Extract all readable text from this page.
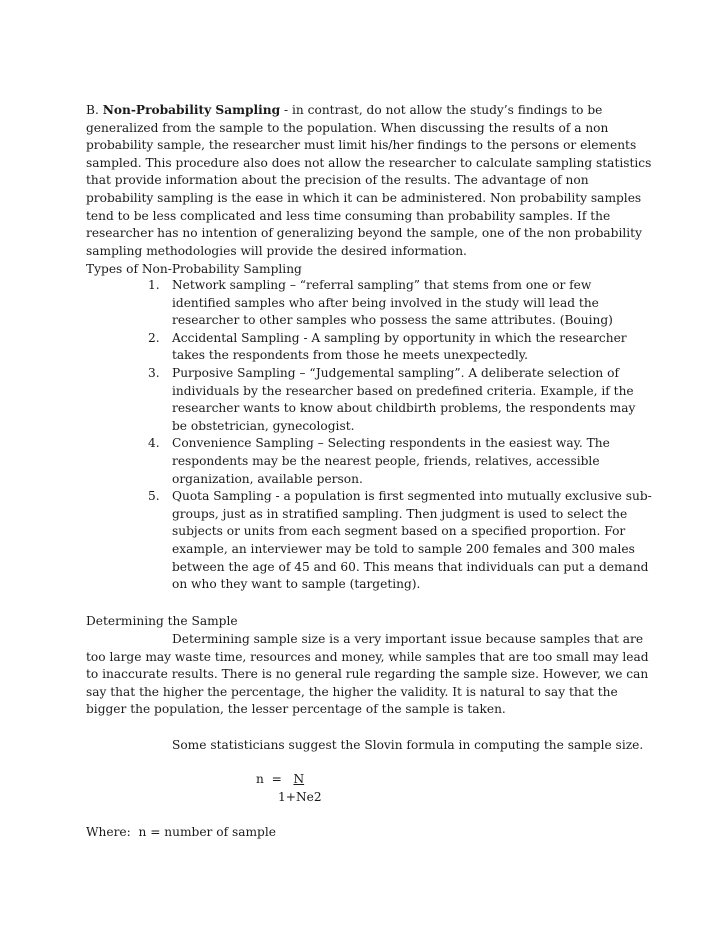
B. Non-Probability Sampling - in contrast, do not allow the study’s findings to be generalized from the sample to the population. When discussing the results of a non probability sample, the researcher must limit his/her findings to the persons or elements sampled. This procedure also does not allow the researcher to calculate sampling statistics that provide information about the precision of the results. The advantage of non probability sampling is the ease in which it can be administered. Non probability samples tend to be less complicated and less time consuming than probability samples. If the researcher has no intention of generalizing beyond the sample, one of the non probability sampling methodologies will provide the desired information.

Types of Non-Probability Sampling

1. Network sampling – “referral sampling” that stems from one or few identified samples who after being involved in the study will lead the researcher to other samples who possess the same attributes. (Bouing)
2. Accidental Sampling - A sampling by opportunity in which the researcher takes the respondents from those he meets unexpectedly.
3. Purposive Sampling – “Judgemental sampling”. A deliberate selection of individuals by the researcher based on predefined criteria. Example, if the researcher wants to know about childbirth problems, the respondents may be obstetrician, gynecologist.
4. Convenience Sampling – Selecting respondents in the easiest way. The respondents may be the nearest people, friends, relatives, accessible organization, available person.
5. Quota Sampling - a population is first segmented into mutually exclusive sub-groups, just as in stratified sampling. Then judgment is used to select the subjects or units from each segment based on a specified proportion. For example, an interviewer may be told to sample 200 females and 300 males between the age of 45 and 60. This means that individuals can put a demand on who they want to sample (targeting).

Determining the Sample

Determining sample size is a very important issue because samples that are too large may waste time, resources and money, while samples that are too small may lead to inaccurate results. There is no general rule regarding the sample size. However, we can say that the higher the percentage, the higher the validity. It is natural to say that the bigger the population, the lesser percentage of the sample is taken.

Some statisticians suggest the Slovin formula in computing the sample size.

n  =   N
1+Ne2

Where:  n = number of sample
